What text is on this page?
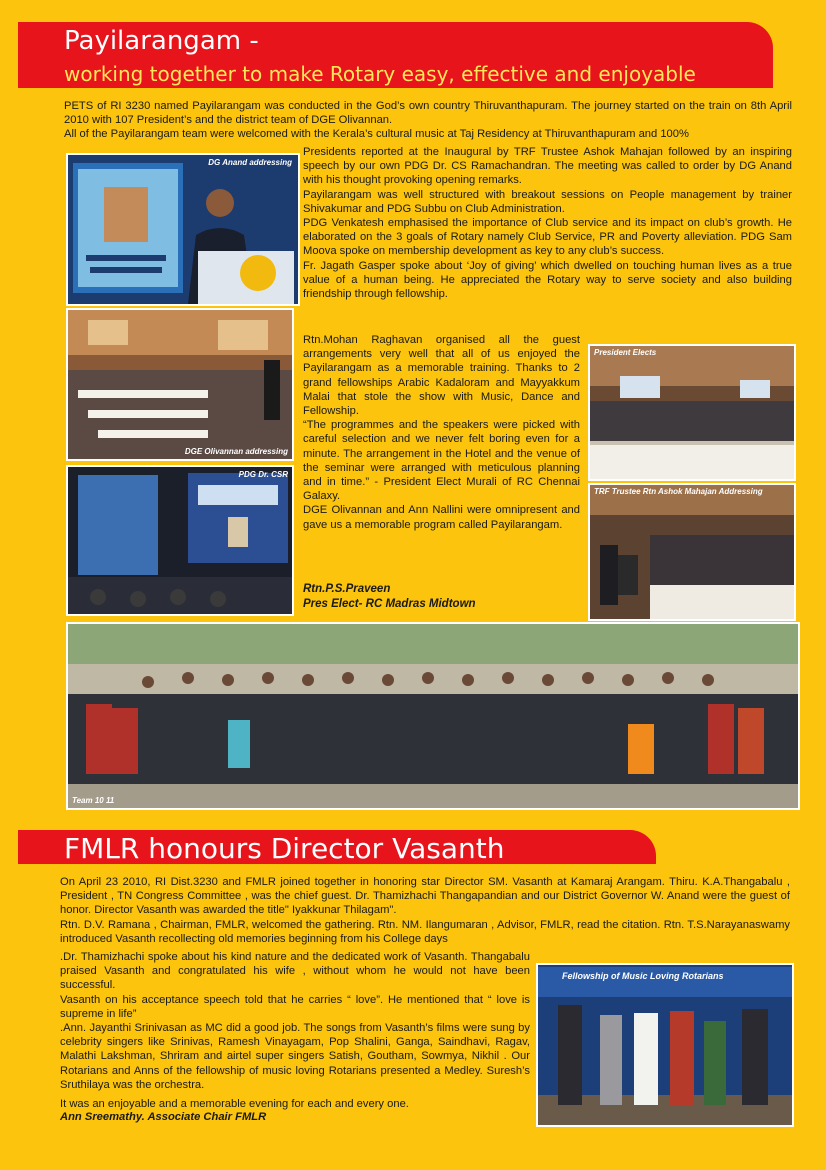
Payilarangam -
working together to make Rotary easy, effective and enjoyable

PETS of RI 3230 named Payilarangam was conducted in the God’s own country Thiruvanthapuram. The journey started on the train on 8th April 2010 with 107 President’s and the district team of DGE Olivannan.

All of the Payilarangam team were welcomed with the Kerala’s cultural music at Taj Residency at Thiruvanthapuram and 100%

Presidents reported at the Inaugural by TRF Trustee Ashok Mahajan followed by an inspiring speech by our own PDG Dr. CS Ramachandran. The meeting was called to order by DG Anand with his thought provoking opening remarks.

Payilarangam was well structured with breakout sessions on People management by trainer Shivakumar and PDG Subbu on Club Administration.

PDG Venkatesh emphasised the importance of Club service and its impact on club’s growth. He elaborated on the 3 goals of Rotary namely Club Service, PR and Poverty alleviation. PDG Sam Moova spoke on membership development as key to any club’s success.

Fr. Jagath Gasper spoke about ‘Joy of giving’ which dwelled on touching human lives as a true value of a human being. He appreciated the Rotary way to serve society and also building friendship through fellowship.

Rtn.Mohan Raghavan organised all the guest arrangements very well that all of us enjoyed the Payilarangam as a memorable training. Thanks to 2 grand fellowships Arabic Kadaloram and Mayyakkum Malai that stole the show with Music, Dance and Fellowship.

“The programmes and the speakers were picked with careful selection and we never felt boring even for a minute. The arrangement in the Hotel and the venue of the seminar were arranged with meticulous planning and in time.” - President Elect Murali of RC Chennai Galaxy.

DGE Olivannan and Ann Nallini were omnipresent and gave us a memorable program called Payilarangam.

Rtn.P.S.Praveen
Pres Elect- RC Madras Midtown
DG Anand addressing
DGE Olivannan addressing
PDG Dr. CSR
President Elects
TRF Trustee Rtn Ashok Mahajan Addressing
Team 10 11
FMLR honours Director Vasanth

On April 23 2010, RI Dist.3230 and FMLR joined together in honoring star Director SM. Vasanth at Kamaraj Arangam. Thiru. K.A.Thangabalu , President , TN Congress Committee , was the chief guest. Dr. Thamizhachi Thangapandian and our District Governor W. Anand were the guest of honor. Director Vasanth was awarded the title" Iyakkunar Thilagam".

Rtn. D.V. Ramana , Chairman, FMLR, welcomed the gathering. Rtn. NM. Ilangumaran , Advisor, FMLR, read the citation. Rtn. T.S.Narayanaswamy introduced Vasanth recollecting old memories beginning from his College days

.Dr. Thamizhachi spoke about his kind nature and the dedicated work of Vasanth. Thangabalu praised Vasanth and congratulated his wife , without whom he would not have been successful.

Vasanth on his acceptance speech told that he carries “ love”. He mentioned that “ love is supreme in life”

.Ann. Jayanthi Srinivasan as MC did a good job. The songs from Vasanth’s films were sung by celebrity singers like Srinivas, Ramesh Vinayagam, Pop Shalini, Ganga, Saindhavi, Ragav, Malathi Lakshman, Shriram and airtel super singers Satish, Goutham, Sowmya, Nikhil . Our Rotarians and Anns of the fellowship of music loving Rotarians presented a Medley. Suresh’s Sruthilaya was the orchestra.

It was an enjoyable and a memorable evening for each and every one.

Ann Sreemathy. Associate Chair FMLR
Fellowship of Music Loving Rotarians
